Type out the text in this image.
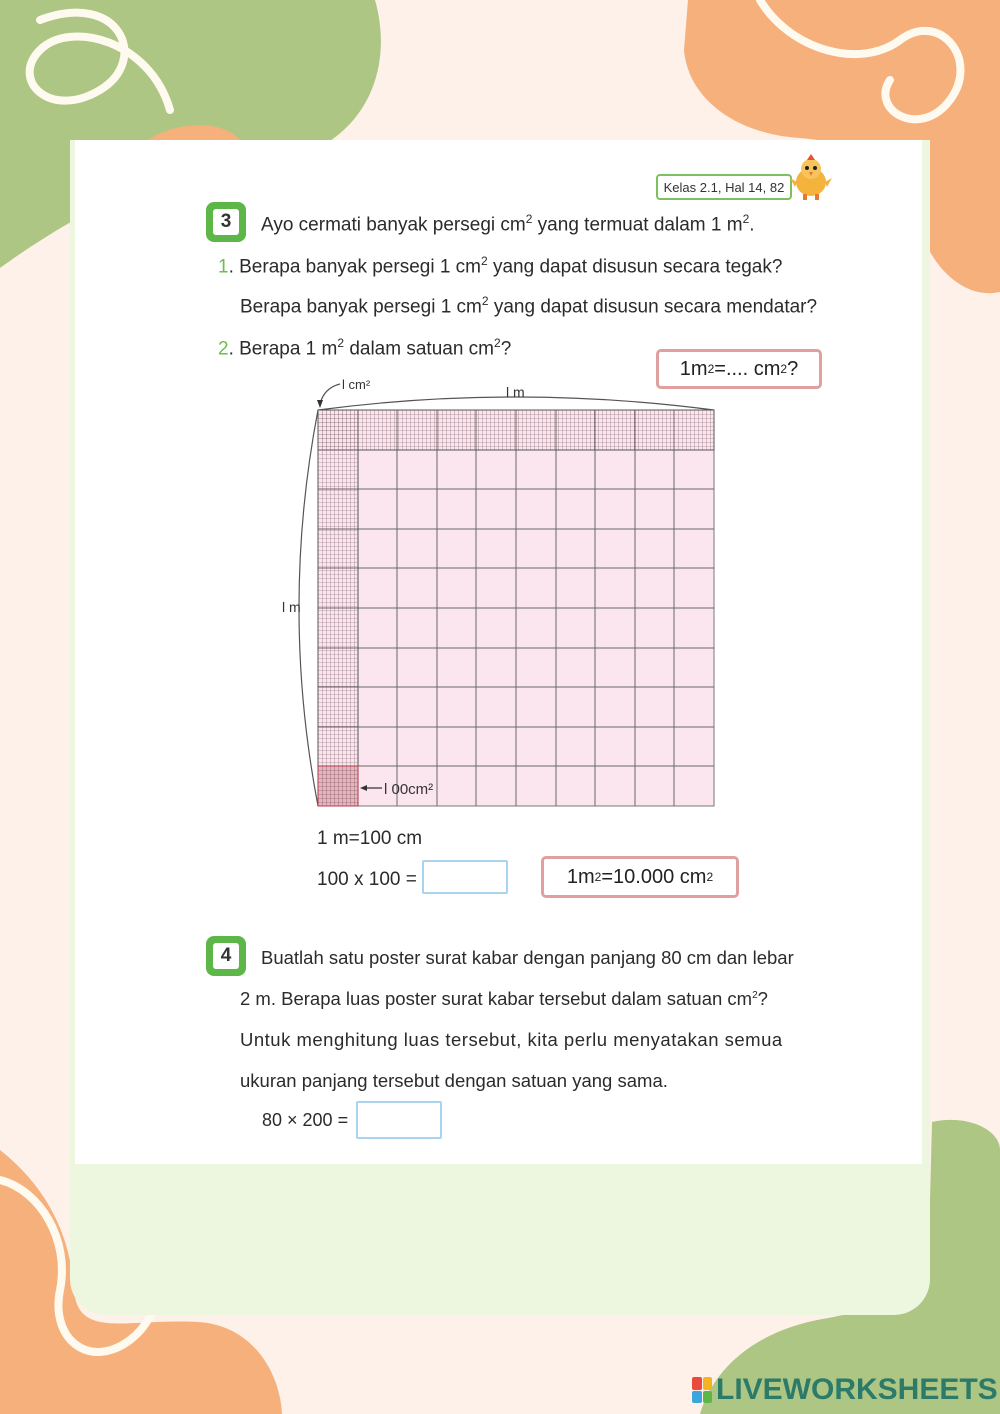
Kelas 2.1, Hal 14, 82
3	Ayo cermati banyak persegi $cm^2$ yang termuat dalam 1 $m^2$.
1. Berapa banyak persegi 1 $cm^2$ yang dapat disusun secara tegak?
Berapa banyak persegi 1 $cm^2$ yang dapat disusun secara mendatar?
2. Berapa 1 $m^2$ dalam satuan $cm^2$?
1m 2 =.... cm 2 ?
l cm²	l m
l m
l 00cm²
1 m=100 cm
100 x 100 =	1m 2 =10.000 cm 2
4	Buatlah satu poster surat kabar dengan panjang 80 cm dan lebar
2 m. Berapa luas poster surat kabar tersebut dalam satuan $cm^2$?
Untuk menghitung luas tersebut, kita perlu menyatakan semua
ukuran panjang tersebut dengan satuan yang sama.
80 × 200 =
LIVEWORKSHEETS
